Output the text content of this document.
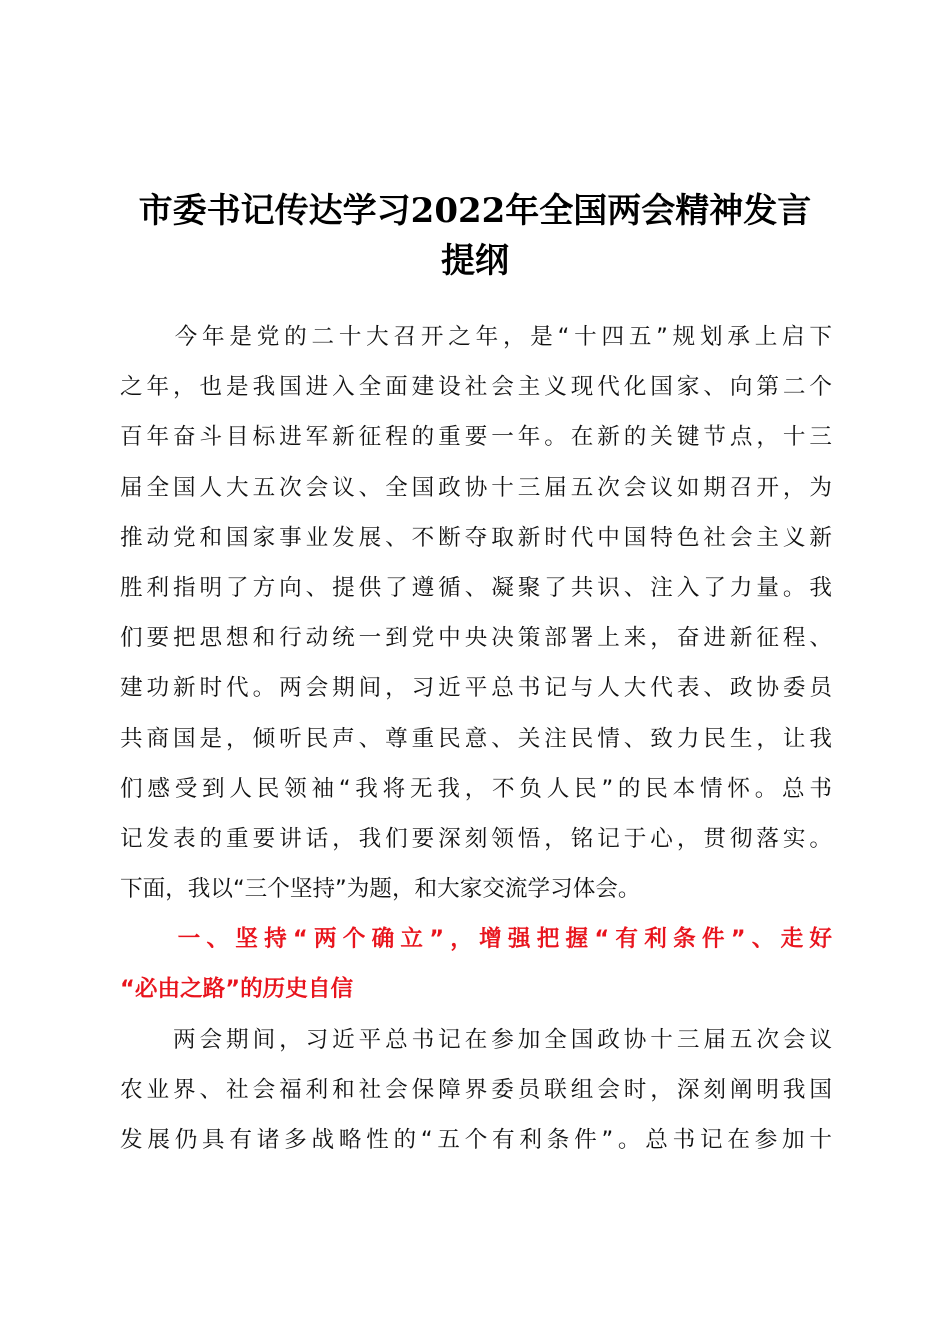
市委书记传达学习2022年全国两会精神发言
提纲
　　今年是党的二十大召开之年，是“十四五”规划承上启下
之年，也是我国进入全面建设社会主义现代化国家、向第二个
百年奋斗目标进军新征程的重要一年。在新的关键节点，十三
届全国人大五次会议、全国政协十三届五次会议如期召开，为
推动党和国家事业发展、不断夺取新时代中国特色社会主义新
胜利指明了方向、提供了遵循、凝聚了共识、注入了力量。我
们要把思想和行动统一到党中央决策部署上来，奋进新征程、
建功新时代。两会期间，习近平总书记与人大代表、政协委员
共商国是，倾听民声、尊重民意、关注民情、致力民生，让我
们感受到人民领袖“我将无我，不负人民”的民本情怀。总书
记发表的重要讲话，我们要深刻领悟，铭记于心，贯彻落实。
下面，我以“三个坚持”为题，和大家交流学习体会。
　　一、坚持“两个确立”，增强把握“有利条件”、走好
“必由之路”的历史自信
　　两会期间，习近平总书记在参加全国政协十三届五次会议
农业界、社会福利和社会保障界委员联组会时，深刻阐明我国
发展仍具有诸多战略性的“五个有利条件”。总书记在参加十
